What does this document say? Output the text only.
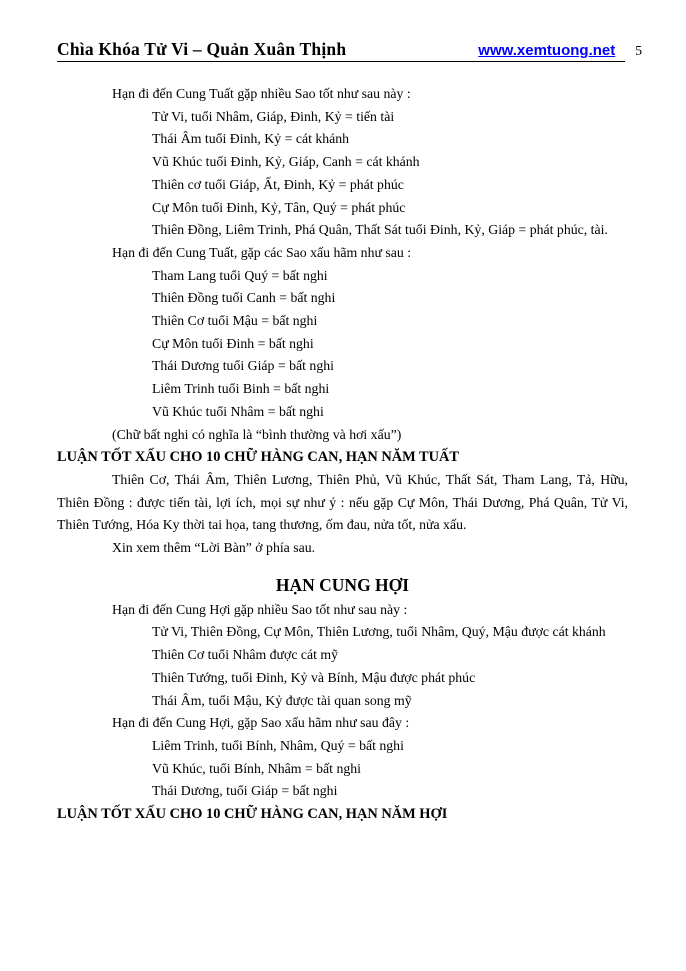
Chìa Khóa Tử Vi – Quản Xuân Thịnh	www.xemtuong.net 5
Hạn đi đến Cung Tuất gặp nhiều Sao tốt như sau này :
Tử Vi, tuổi Nhâm, Giáp, Đinh, Kỷ = tiến tài
Thái Âm tuổi Đinh, Kỷ = cát khánh
Vũ Khúc tuổi Đinh, Kỷ, Giáp, Canh = cát khánh
Thiên cơ tuổi Giáp, Ất, Đinh, Kỷ = phát phúc
Cự Môn tuổi Đinh, Kỷ, Tân, Quý = phát phúc
Thiên Đồng, Liêm Trinh, Phá Quân, Thất Sát tuổi Đinh, Kỷ, Giáp = phát phúc, tài.
Hạn đi đến Cung Tuất, gặp các Sao xấu hãm như sau :
Tham Lang tuổi Quý = bất nghi
Thiên Đồng tuổi Canh = bất nghi
Thiên Cơ tuổi Mậu = bất nghi
Cự Môn tuổi Đinh = bất nghi
Thái Dương tuổi Giáp = bất nghi
Liêm Trinh tuổi Binh = bất nghi
Vũ Khúc tuổi Nhâm = bất nghi
(Chữ bất nghi có nghĩa là “bình thường và hơi xấu”)
LUẬN TỐT XẤU CHO 10 CHỮ HÀNG CAN, HẠN NĂM TUẤT
Thiên Cơ, Thái Âm, Thiên Lương, Thiên Phủ, Vũ Khúc, Thất Sát, Tham Lang, Tả, Hữu, Thiên Đồng : được tiến tài, lợi ích, mọi sự như ý : nếu gặp Cự Môn, Thái Dương, Phá Quân, Tử Vi, Thiên Tướng, Hóa Ky thời tai họa, tang thương, ốm đau, nửa tốt, nửa xấu.
Xin xem thêm “Lời Bàn” ở phía sau.
HẠN CUNG HỢI
Hạn đi đến Cung Hợi gặp nhiều Sao tốt như sau này :
Tử Vi, Thiên Đồng, Cự Môn, Thiên Lương, tuổi Nhâm, Quý, Mậu được cát khánh
Thiên Cơ tuổi Nhâm được cát mỹ
Thiên Tướng, tuổi Đinh, Kỷ và Bính, Mậu được phát phúc
Thái Âm, tuổi Mậu, Kỷ được tài quan song mỹ
Hạn đi đến Cung Hợi, gặp Sao xấu hãm như sau đây :
Liêm Trinh, tuổi Bính, Nhâm, Quý = bất nghi
Vũ Khúc, tuổi Bính, Nhâm = bất nghi
Thái Dương, tuổi Giáp = bất nghi
LUẬN TỐT XẤU CHO 10 CHỮ HÀNG CAN, HẠN NĂM HỢI
